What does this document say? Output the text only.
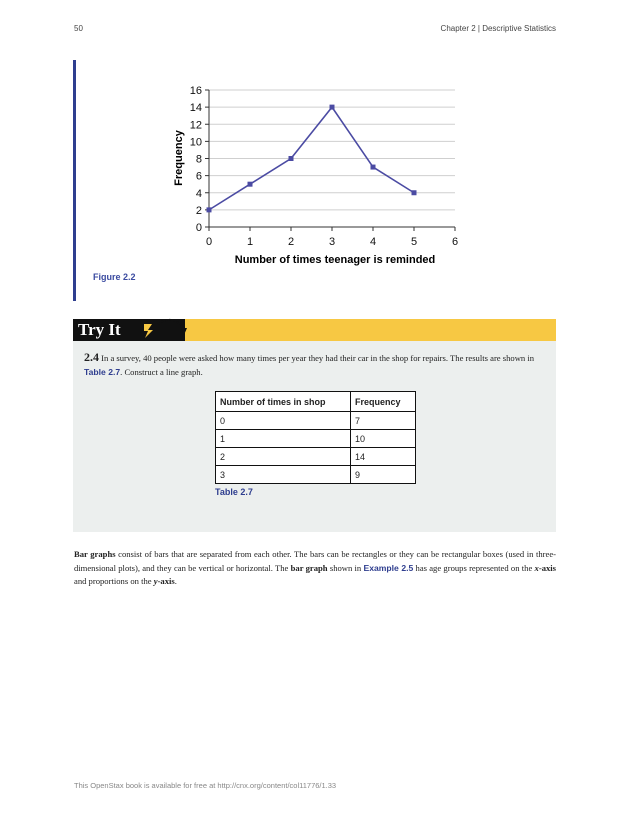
50	Chapter 2 | Descriptive Statistics
0
2
4
6
8
10
12
14
16
0	1	2	3	4	5	6
Frequency
Number of times teenager is reminded
Figure 2.2
Try It
2.4 In a survey, 40 people were asked how many times per year they had their car in the shop for repairs. The results are shown in Table 2.7. Construct a line graph.
Number of times in shop	Frequency
0	7
1	10
2	14
3	9
Table 2.7
Bar graphs consist of bars that are separated from each other. The bars can be rectangles or they can be rectangular boxes (used in three-dimensional plots), and they can be vertical or horizontal. The bar graph shown in Example 2.5 has age groups represented on the x-axis and proportions on the y-axis.
This OpenStax book is available for free at http://cnx.org/content/col11776/1.33
